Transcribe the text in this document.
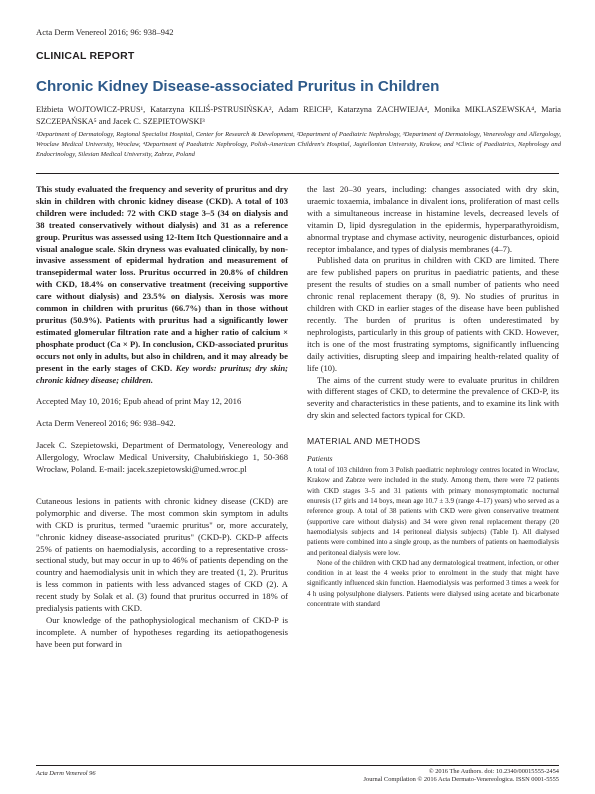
Acta Derm Venereol 2016; 96: 938–942
CLINICAL REPORT
Chronic Kidney Disease-associated Pruritus in Children
Elżbieta WOJTOWICZ-PRUS¹, Katarzyna KILIŚ-PSTRUSIŃSKA², Adam REICH³, Katarzyna ZACHWIEJA⁴, Monika MIKLASZEWSKA⁴, Maria SZCZEPAŃSKA⁵ and Jacek C. SZEPIETOWSKI³
¹Department of Dermatology, Regional Specialist Hospital, Center for Research & Development, ²Department of Paediatric Nephrology, ³Department of Dermatology, Venereology and Allergology, Wroclaw Medical University, Wroclaw, ⁴Department of Paediatric Nephrology, Polish-American Children's Hospital, Jagiellonian University, Krakow, and ⁵Clinic of Paediatrics, Nephrology and Endocrinology, Silesian Medical University, Zabrze, Poland

This study evaluated the frequency and severity of pruritus and dry skin in children with chronic kidney disease (CKD). A total of 103 children were included: 72 with CKD stage 3–5 (34 on dialysis and 38 treated conservatively without dialysis) and 31 as a reference group. Pruritus was assessed using 12-Item Itch Questionnaire and a visual analogue scale. Skin dryness was evaluated clinically, by non-invasive assessment of epidermal hydration and measurement of transepidermal water loss. Pruritus occurred in 20.8% of children with CKD, 18.4% on conservative treatment (receiving supportive care without dialysis) and 23.5% on dialysis. Xerosis was more common in children with pruritus (66.7%) than in those without pruritus (50.9%). Patients with pruritus had a significantly lower estimated glomerular filtration rate and a higher ratio of calcium × phosphate product (Ca × P). In conclusion, CKD-associated pruritus occurs not only in adults, but also in children, and it may already be present in the early stages of CKD. Key words: pruritus; dry skin; chronic kidney disease; children.

Accepted May 10, 2016; Epub ahead of print May 12, 2016

Acta Derm Venereol 2016; 96: 938–942.

Jacek C. Szepietowski, Department of Dermatology, Venereology and Allergology, Wroclaw Medical University, Chałubińskiego 1, 50-368 Wrocław, Poland. E-mail: jacek.szepietowski@umed.wroc.pl

Cutaneous lesions in patients with chronic kidney disease (CKD) are polymorphic and diverse. The most common skin symptom in adults with CKD is pruritus, termed "uraemic pruritus" or, more accurately, "chronic kidney disease-associated pruritus" (CKD-P). CKD-P affects 25% of patients on haemodialysis, according to a representative cross-sectional study, but may occur in up to 46% of patients depending on the country and haemodialysis unit in which they are treated (1, 2). Pruritus is less common in patients with less advanced stages of CKD (2). A recent study by Solak et al. (3) found that pruritus occurred in 18% of predialysis patients with CKD.

Our knowledge of the pathophysiological mechanism of CKD-P is incomplete. A number of hypotheses regarding its aetiopathogenesis have been put forward in

the last 20–30 years, including: changes associated with dry skin, uraemic toxaemia, imbalance in divalent ions, proliferation of mast cells with a simultaneous increase in histamine levels, decreased levels of vitamin D, lipid dysregulation in the epidermis, hyperparathyroidism, abnormal tryptase and chymase activity, neurogenic disturbances, opioid receptor imbalance, and types of dialysis membranes (4–7).

Published data on pruritus in children with CKD are limited. There are few published papers on pruritus in paediatric patients, and these present the results of studies on a small number of patients who need chronic renal replacement therapy (8, 9). No studies of pruritus in children with CKD in earlier stages of the disease have been published recently. The burden of pruritus is often underestimated by nephrologists, particularly in this group of patients with CKD. However, itch is one of the most frustrating symptoms, significantly influencing daily activities, disrupting sleep and impairing health-related quality of life (10).

The aims of the current study were to evaluate pruritus in children with different stages of CKD, to determine the prevalence of CKD-P, its severity and characteristics in these patients, and to examine its link with dry skin and selected factors typical for CKD.

MATERIAL AND METHODS
Patients

A total of 103 children from 3 Polish paediatric nephrology centres located in Wroclaw, Krakow and Zabrze were included in the study. Among them, there were 72 patients with CKD stages 3–5 and 31 patients with primary monosymptomatic nocturnal enuresis (17 girls and 14 boys, mean age 10.7 ± 3.9 (range 4–17) years) who served as a reference group. A total of 38 patients with CKD were given conservative treatment (supportive care without dialysis) and 34 were given renal replacement therapy (20 haemodialysis subjects and 14 peritoneal dialysis subjects) (Table I). All dialysed patients were combined into a single group, as the numbers of patients on haemodialysis and peritoneal dialysis were low.

None of the children with CKD had any dermatological treatment, infection, or other condition in at least the 4 weeks prior to enrolment in the study that might have significantly influenced skin function. Haemodialysis was performed 3 times a week for 4 h using polysulphone dialysers. Patients were dialysed using acetate and bicarbonate concentrate with standard

Acta Derm Venereol 96	© 2016 The Authors. doi: 10.2340/00015555-2454
Journal Compilation © 2016 Acta Dermato-Venereologica. ISSN 0001-5555
